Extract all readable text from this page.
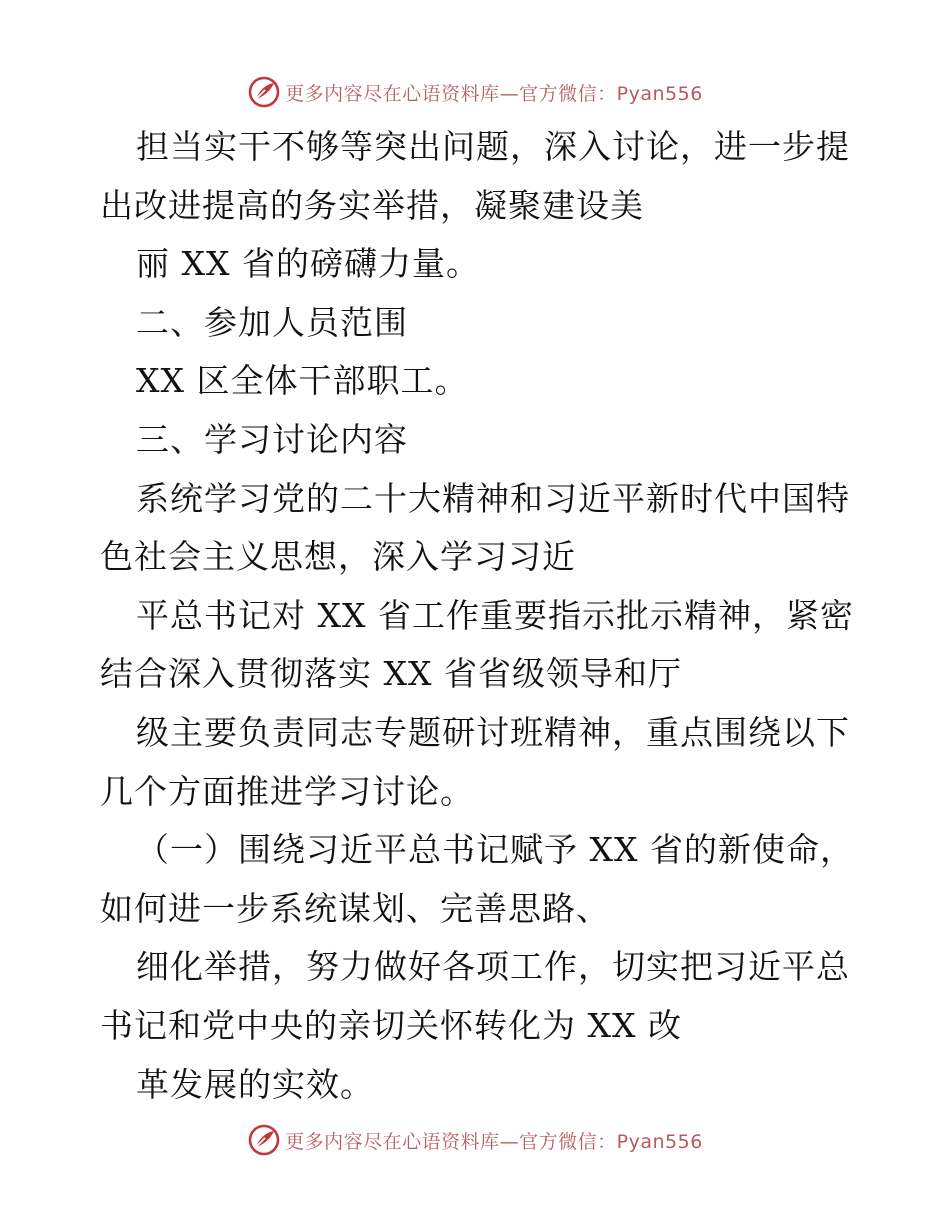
更多内容尽在心语资料库—官方微信：Pyan556
担当实干不够等突出问题，深入讨论，进一步提
出改进提高的务实举措，凝聚建设美
丽 XX 省的磅礴力量。
二、参加人员范围
XX 区全体干部职工。
三、学习讨论内容
系统学习党的二十大精神和习近平新时代中国特
色社会主义思想，深入学习习近
平总书记对 XX 省工作重要指示批示精神，紧密
结合深入贯彻落实 XX 省省级领导和厅
级主要负责同志专题研讨班精神，重点围绕以下
几个方面推进学习讨论。
（一）围绕习近平总书记赋予 XX 省的新使命，
如何进一步系统谋划、完善思路、
细化举措，努力做好各项工作，切实把习近平总
书记和党中央的亲切关怀转化为 XX 改
革发展的实效。
更多内容尽在心语资料库—官方微信：Pyan556
